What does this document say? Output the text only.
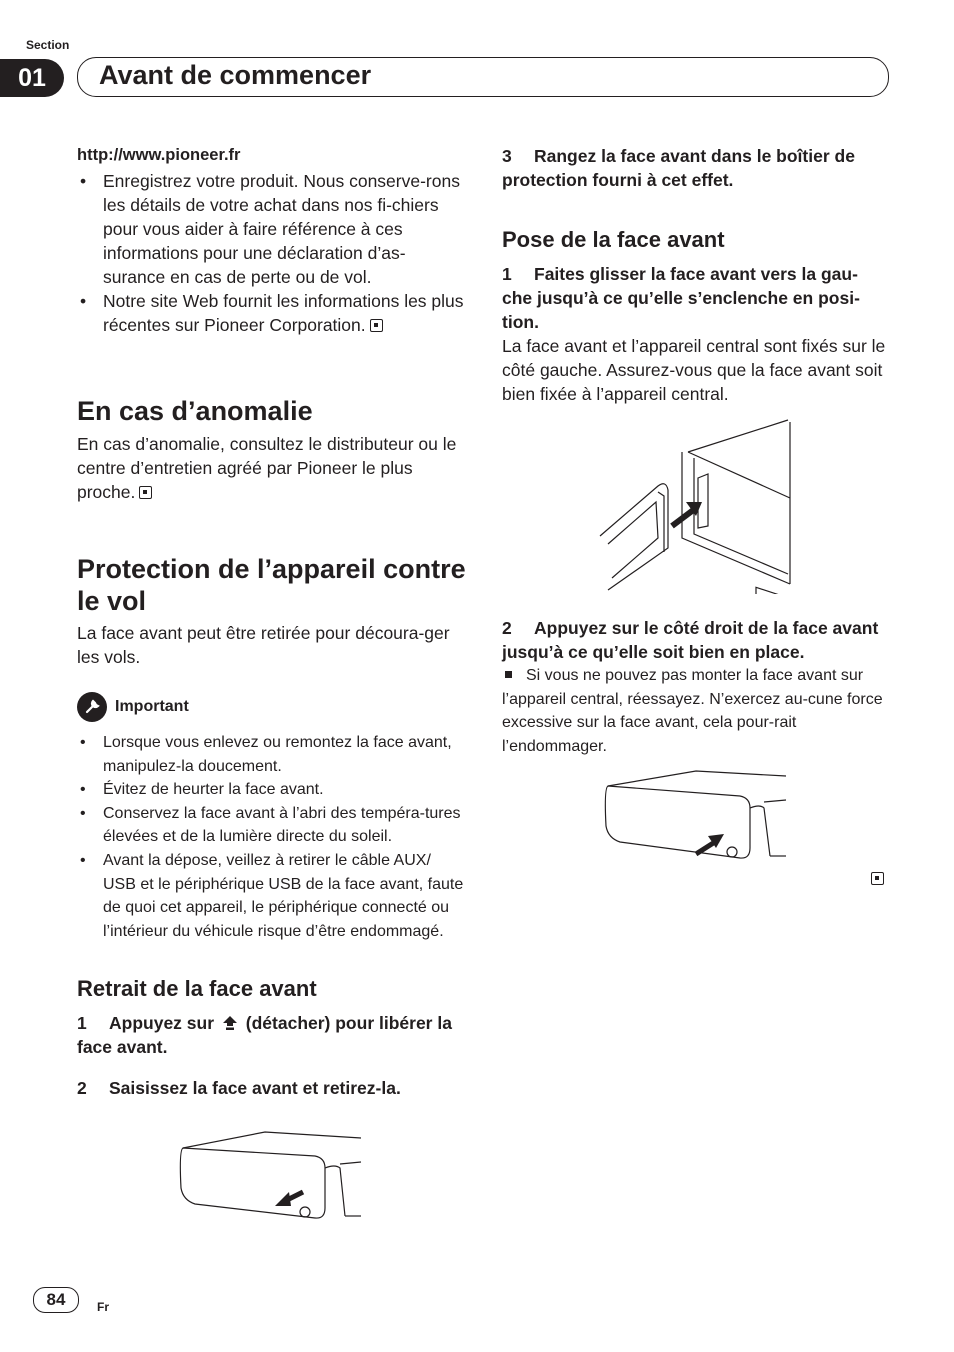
Section
01	Avant de commencer

http://www.pioneer.fr

• Enregistrez votre produit. Nous conserve-rons les détails de votre achat dans nos fi-chiers pour vous aider à faire référence à ces informations pour une déclaration d’as-surance en cas de perte ou de vol.
• Notre site Web fournit les informations les plus récentes sur Pioneer Corporation.
En cas d’anomalie

En cas d’anomalie, consultez le distributeur ou le centre d’entretien agréé par Pioneer le plus proche.

Protection de l’appareil contre le vol

La face avant peut être retirée pour découra-ger les vols.

Important
• Lorsque vous enlevez ou remontez la face avant, manipulez-la doucement.
• Évitez de heurter la face avant.
• Conservez la face avant à l’abri des tempéra-tures élevées et de la lumière directe du soleil.
• Avant la dépose, veillez à retirer le câble AUX/ USB et le périphérique USB de la face avant, faute de quoi cet appareil, le périphérique connecté ou l’intérieur du véhicule risque d’être endommagé.
Retrait de la face avant

1 Appuyez sur (détacher) pour libérer la face avant.

2 Saisissez la face avant et retirez-la.

3 Rangez la face avant dans le boîtier de protection fourni à cet effet.

Pose de la face avant

1 Faites glisser la face avant vers la gau-che jusqu’à ce qu’elle s’enclenche en posi-tion.

La face avant et l’appareil central sont fixés sur le côté gauche. Assurez-vous que la face avant soit bien fixée à l’appareil central.

2 Appuyez sur le côté droit de la face avant jusqu’à ce qu’elle soit bien en place.

Si vous ne pouvez pas monter la face avant sur l’appareil central, réessayez. N’exercez au-cune force excessive sur la face avant, cela pour-rait l’endommager.

84	Fr
